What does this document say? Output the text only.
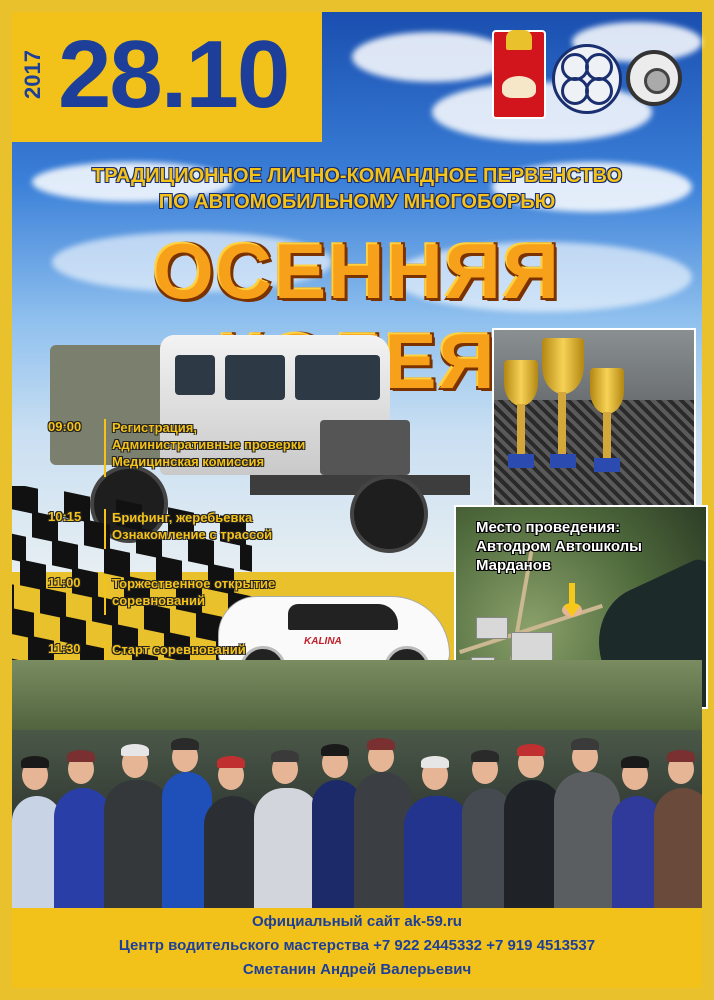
2017 28.10
ТРАДИЦИОННОЕ ЛИЧНО-КОМАНДНОЕ ПЕРВЕНСТВО
ПО АВТОМОБИЛЬНОМУ МНОГОБОРЬЮ
ОСЕННЯЯ
Место проведения:
Автодром Автошколы
Марданов
KALINA
09:00	Регистрация,
Административные проверки
Медицинская комиссия
10:15	Брифинг, жеребьевка
Ознакомление с трассой
11:00	Торжественное открытие
соревнований
11:30	Старт соревнований
Официальный сайт ak-59.ru
Центр водительского мастерства +7 922 2445332 +7 919 4513537
Сметанин Андрей Валерьевич
